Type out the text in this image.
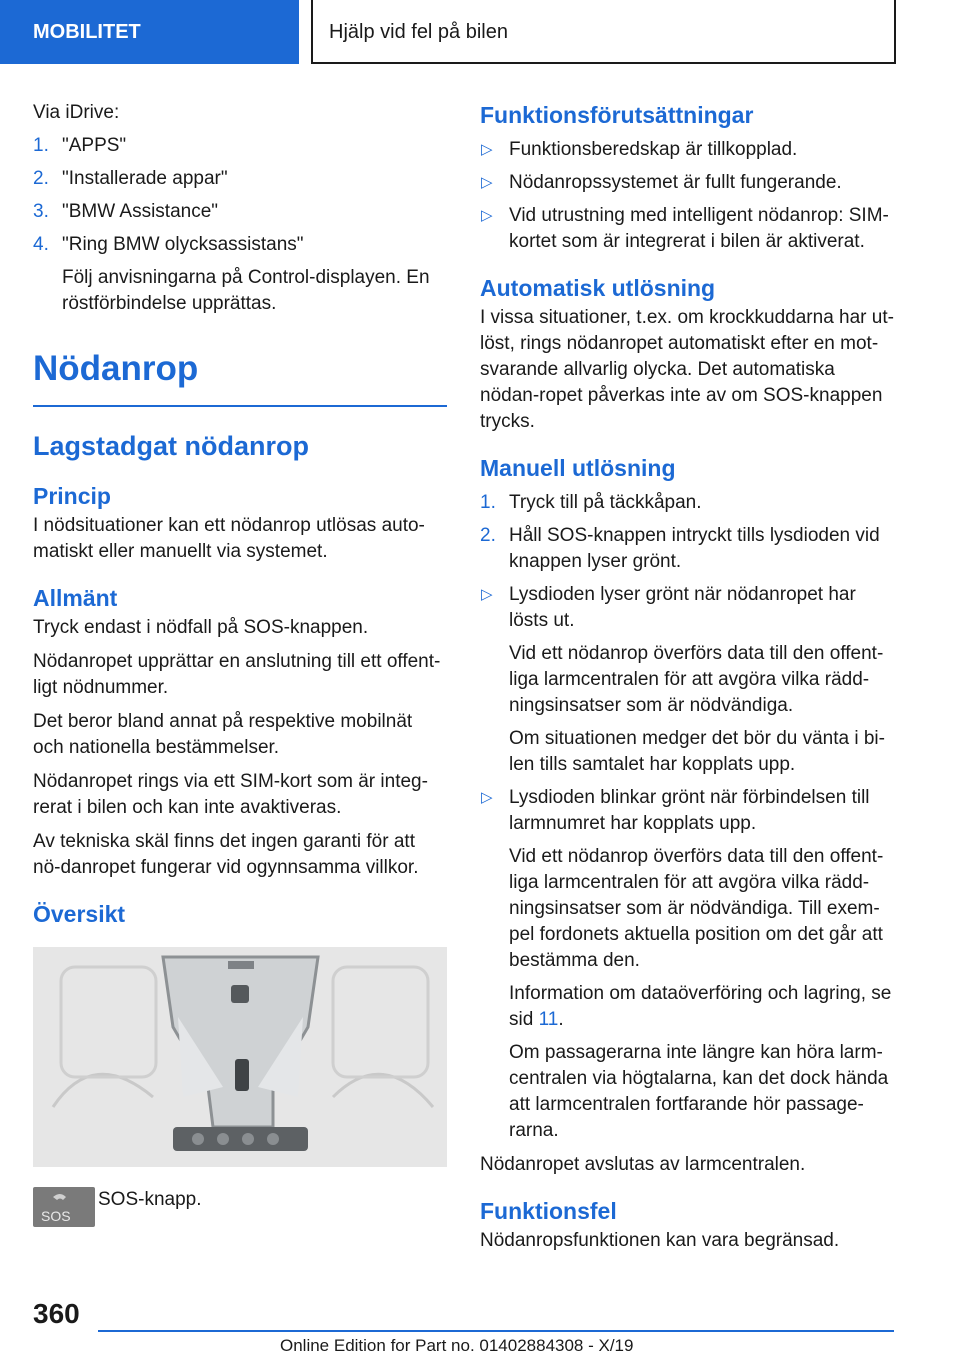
MOBILITET	Hjälp vid fel på bilen

Via iDrive:

1. "APPS"
2. "Installerade appar"
3. "BMW Assistance"
4. "Ring BMW olycksassistans"
Följ anvisningarna på Control-displayen. En röstförbindelse upprättas.
Nödanrop
Lagstadgat nödanrop
Princip

I nödsituationer kan ett nödanrop utlösas auto-matiskt eller manuellt via systemet.

Allmänt

Tryck endast i nödfall på SOS-knappen.

Nödanropet upprättar en anslutning till ett offent-ligt nödnummer.

Det beror bland annat på respektive mobilnät och nationella bestämmelser.

Nödanropet rings via ett SIM-kort som är integ-rerat i bilen och kan inte avaktiveras.

Av tekniska skäl finns det ingen garanti för att nö-danropet fungerar vid ogynnsamma villkor.

Översikt
SOS
SOS-knapp.
Funktionsförutsättningar
▷ Funktionsberedskap är tillkopplad.
▷ Nödanropssystemet är fullt fungerande.
▷ Vid utrustning med intelligent nödanrop: SIM-kortet som är integrerat i bilen är aktiverat.
Automatisk utlösning

I vissa situationer, t.ex. om krockkuddarna har ut-löst, rings nödanropet automatiskt efter en mot-svarande allvarlig olycka. Det automatiska nödan-ropet påverkas inte av om SOS-knappen trycks.

Manuell utlösning
1. Tryck till på täckkåpan.
2. Håll SOS-knappen intryckt tills lysdioden vid knappen lyser grönt.
▷ Lysdioden lyser grönt när nödanropet har lösts ut.
Vid ett nödanrop överförs data till den offent-liga larmcentralen för att avgöra vilka rädd-ningsinsatser som är nödvändiga.
Om situationen medger det bör du vänta i bi-len tills samtalet har kopplats upp.
▷ Lysdioden blinkar grönt när förbindelsen till larmnumret har kopplats upp.
Vid ett nödanrop överförs data till den offent-liga larmcentralen för att avgöra vilka rädd-ningsinsatser som är nödvändiga. Till exem-pel fordonets aktuella position om det går att bestämma den.
Information om dataöverföring och lagring, se sid 11.
Om passagerarna inte längre kan höra larm-centralen via högtalarna, kan det dock hända att larmcentralen fortfarande hör passage-rarna.

Nödanropet avslutas av larmcentralen.

Funktionsfel

Nödanropsfunktionen kan vara begränsad.

360
Online Edition for Part no. 01402884308 - X/19
